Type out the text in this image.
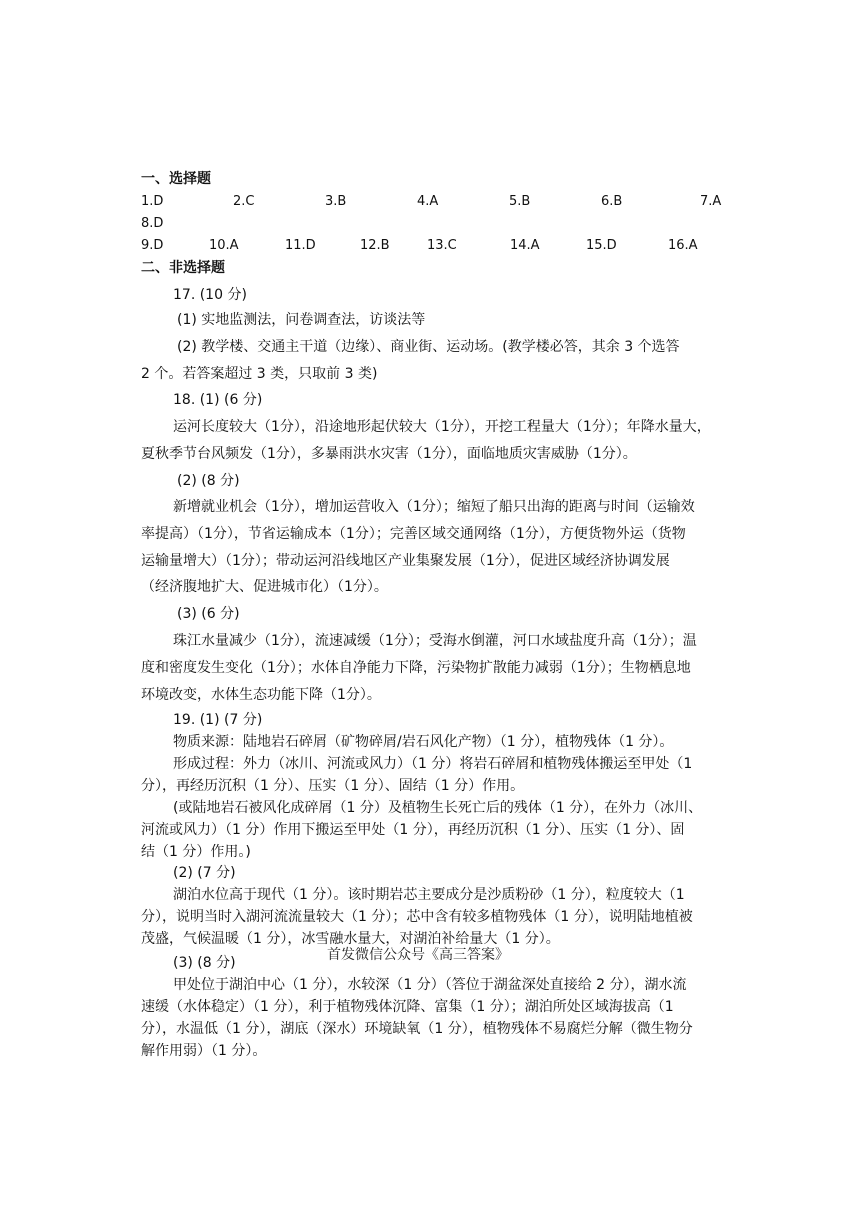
一、选择题
1.D	2.C	3.B	4.A	5.B	6.B	7.A
8.D
9.D	10.A	11.D	12.B	13.C	14.A	15.D	16.A
二、非选择题
17. (10 分)
(1) 实地监测法，问卷调查法，访谈法等
(2) 教学楼、交通主干道（边缘）、商业街、运动场。(教学楼必答，其余 3 个选答
2 个。若答案超过 3 类，只取前 3 类)
18. (1) (6 分)
运河长度较大（1分），沿途地形起伏较大（1分），开挖工程量大（1分）；年降水量大，
夏秋季节台风频发（1分），多暴雨洪水灾害（1分），面临地质灾害威胁（1分）。
(2) (8 分)
新增就业机会（1分），增加运营收入（1分）；缩短了船只出海的距离与时间（运输效
率提高）（1分），节省运输成本（1分）；完善区域交通网络（1分），方便货物外运（货物
运输量增大）（1分）；带动运河沿线地区产业集聚发展（1分），促进区域经济协调发展
（经济腹地扩大、促进城市化）（1分）。
(3) (6 分)
珠江水量减少（1分），流速减缓（1分）；受海水倒灌，河口水域盐度升高（1分）；温
度和密度发生变化（1分）；水体自净能力下降，污染物扩散能力减弱（1分）；生物栖息地
环境改变，水体生态功能下降（1分）。
19. (1) (7 分)
物质来源：陆地岩石碎屑（矿物碎屑/岩石风化产物）（1 分），植物残体（1 分）。
形成过程：外力（冰川、河流或风力）（1 分）将岩石碎屑和植物残体搬运至甲处（1
分），再经历沉积（1 分）、压实（1 分）、固结（1 分）作用。
(或陆地岩石被风化成碎屑（1 分）及植物生长死亡后的残体（1 分），在外力（冰川、
河流或风力）（1 分）作用下搬运至甲处（1 分），再经历沉积（1 分）、压实（1 分）、固
结（1 分）作用。)
(2) (7 分)
湖泊水位高于现代（1 分）。该时期岩芯主要成分是沙质粉砂（1 分），粒度较大（1
分），说明当时入湖河流流量较大（1 分）；芯中含有较多植物残体（1 分），说明陆地植被
茂盛，气候温暖（1 分），冰雪融水量大，对湖泊补给量大（1 分）。
首发微信公众号《高三答案》
(3) (8 分)
甲处位于湖泊中心（1 分），水较深（1 分）（答位于湖盆深处直接给 2 分），湖水流
速缓（水体稳定）（1 分），利于植物残体沉降、富集（1 分）；湖泊所处区域海拔高（1
分），水温低（1 分），湖底（深水）环境缺氧（1 分），植物残体不易腐烂分解（微生物分
解作用弱）（1 分）。
